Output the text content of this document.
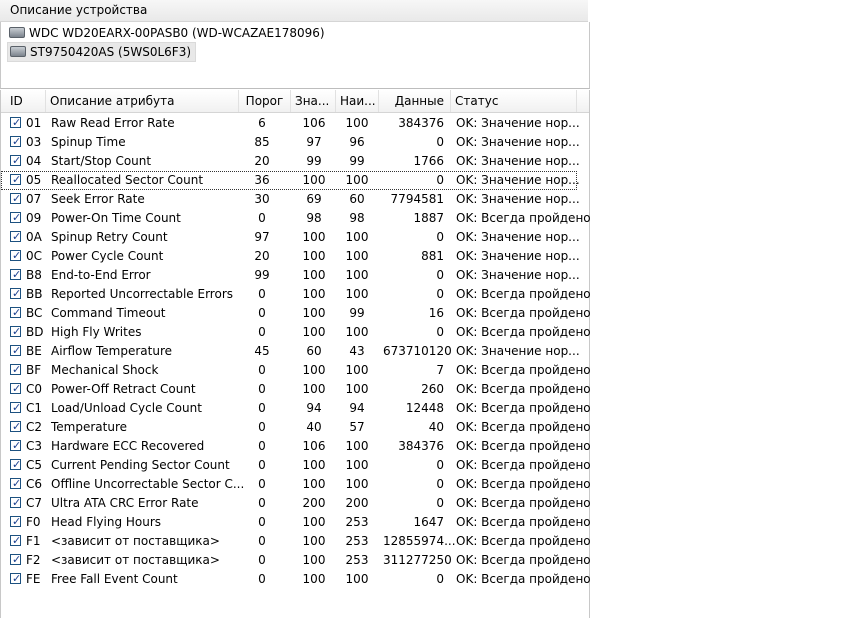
Описание устройства
WDC WD20EARX-00PASB0 (WD-WCAZAE178096)
ST9750420AS (5WS0L6F3)
ID	Описание атрибута	Порог Зна... Наи...	Данные Статус
✓ 01 Raw Read Error Rate	6	106	100	384376 OK: Значение нор...
✓ 03 Spinup Time	85	97	96	0 OK: Значение нор...
✓ 04 Start/Stop Count	20	99	99	1766 OK: Значение нор...
✓ 05 Reallocated Sector Count	36	100	100	0 OK: Значение нор...
✓ 07 Seek Error Rate	30	69	60	7794581 OK: Значение нор...
✓ 09 Power-On Time Count	0	98	98	1887 OK: Всегда пройдено
✓ 0A Spinup Retry Count	97	100	100	0 OK: Значение нор...
✓ 0C Power Cycle Count	20	100	100	881 OK: Значение нор...
✓ B8 End-to-End Error	99	100	100	0 OK: Значение нор...
✓ BB Reported Uncorrectable Errors	0	100	100	0 OK: Всегда пройдено
✓ BC Command Timeout	0	100	99	16 OK: Всегда пройдено
✓ BD High Fly Writes	0	100	100	0 OK: Всегда пройдено
✓ BE Airflow Temperature	45	60	43	673710120 OK: Значение нор...
✓ BF Mechanical Shock	0	100	100	7 OK: Всегда пройдено
✓ C0 Power-Off Retract Count	0	100	100	260 OK: Всегда пройдено
✓ C1 Load/Unload Cycle Count	0	94	94	12448 OK: Всегда пройдено
✓ C2 Temperature	0	40	57	40 OK: Всегда пройдено
✓ C3 Hardware ECC Recovered	0	106	100	384376 OK: Всегда пройдено
✓ C5 Current Pending Sector Count	0	100	100	0 OK: Всегда пройдено
✓ C6 Offline Uncorrectable Sector C...	0	100	100	0 OK: Всегда пройдено
✓ C7 Ultra ATA CRC Error Rate	0	200	200	0 OK: Всегда пройдено
✓ F0 Head Flying Hours	0	100	253	1647 OK: Всегда пройдено
✓ F1 <зависит от поставщика>	0	100	253	12855974... OK: Всегда пройдено
✓ F2 <зависит от поставщика>	0	100	253	311277250 OK: Всегда пройдено
✓ FE Free Fall Event Count	0	100	100	0 OK: Всегда пройдено
